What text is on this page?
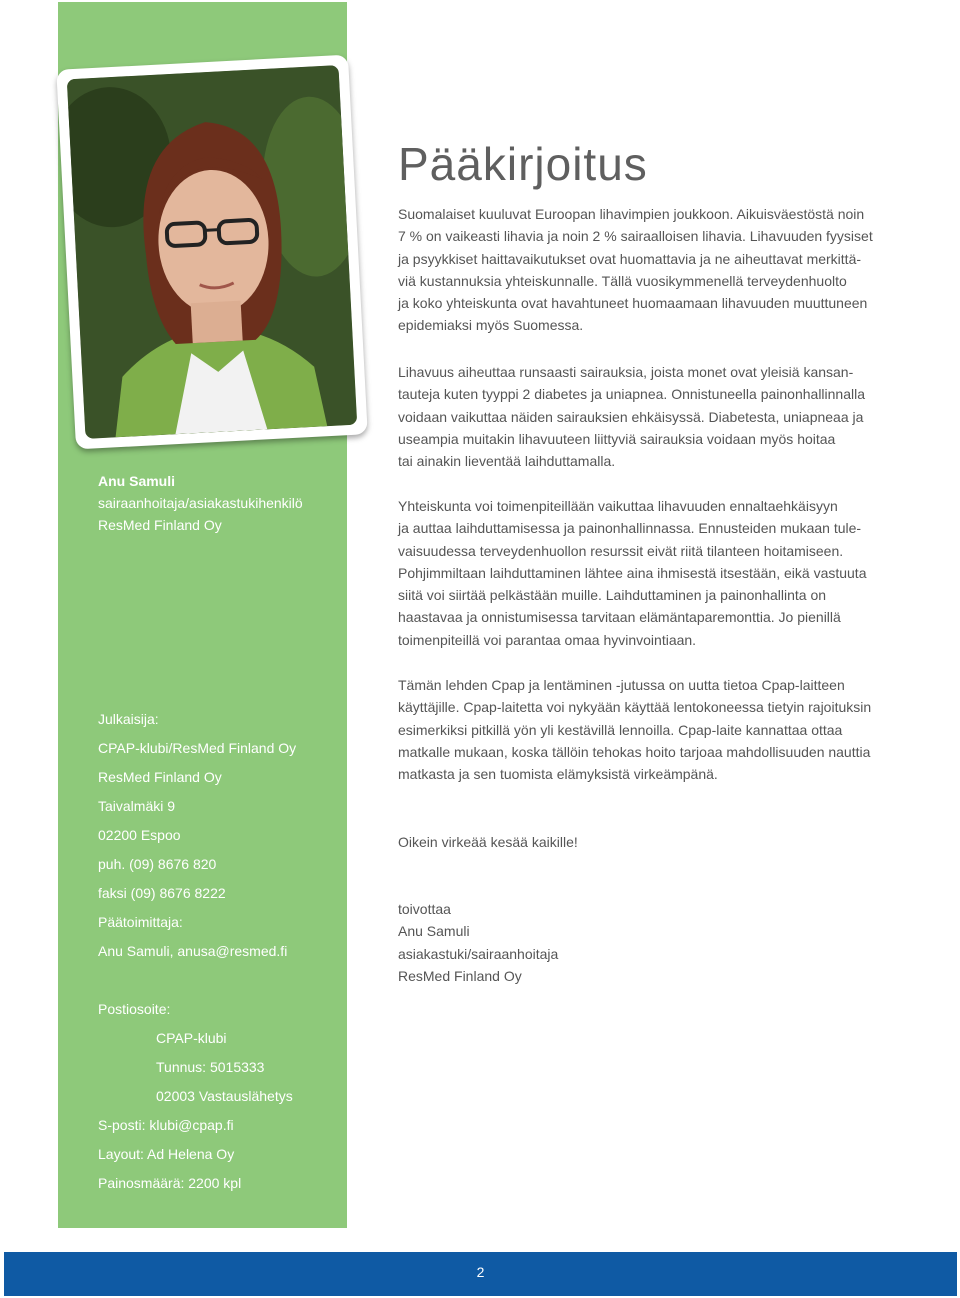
Anu Samuli
sairaanhoitaja/asiakastukihenkilö
ResMed Finland Oy
Julkaisija:
CPAP-klubi/ResMed Finland Oy
ResMed Finland Oy
Taivalmäki 9
02200 Espoo
puh. (09) 8676 820
faksi (09) 8676 8222
Päätoimittaja:
Anu Samuli, anusa@resmed.fi
Postiosoite:
CPAP-klubi
Tunnus: 5015333
02003 Vastauslähetys
S-posti: klubi@cpap.fi
Layout: Ad Helena Oy
Painosmäärä: 2200 kpl
Pääkirjoitus
Suomalaiset kuuluvat Euroopan lihavimpien joukkoon. Aikuisväestöstä noin
7 % on vaikeasti lihavia ja noin 2 % sairaalloisen lihavia. Lihavuuden fyysiset
ja psyykkiset haittavaikutukset ovat huomattavia ja ne aiheuttavat merkittä-
viä kustannuksia yhteiskunnalle. Tällä vuosikymmenellä terveydenhuolto
ja koko yhteiskunta ovat havahtuneet huomaamaan lihavuuden muuttuneen
epidemiaksi myös Suomessa.
Lihavuus aiheuttaa runsaasti sairauksia, joista monet ovat yleisiä kansan-
tauteja kuten tyyppi 2 diabetes ja uniapnea. Onnistuneella painonhallinnalla
voidaan vaikuttaa näiden sairauksien ehkäisyssä. Diabetesta, uniapneaa ja
useampia muitakin lihavuuteen liittyviä sairauksia voidaan myös hoitaa
tai ainakin lieventää laihduttamalla.
Yhteiskunta voi toimenpiteillään vaikuttaa lihavuuden ennaltaehkäisyyn
ja auttaa laihduttamisessa ja painonhallinnassa. Ennusteiden mukaan tule-
vaisuudessa terveydenhuollon resurssit eivät riitä tilanteen hoitamiseen.
Pohjimmiltaan laihduttaminen lähtee aina ihmisestä itsestään, eikä vastuuta
siitä voi siirtää pelkästään muille. Laihduttaminen ja painonhallinta on
haastavaa ja onnistumisessa tarvitaan elämäntaparemonttia. Jo pienillä
toimenpiteillä voi parantaa omaa hyvinvointiaan.
Tämän lehden Cpap ja lentäminen -jutussa on uutta tietoa Cpap-laitteen
käyttäjille. Cpap-laitetta voi nykyään käyttää lentokoneessa tietyin rajoituksin
esimerkiksi pitkillä yön yli kestävillä lennoilla. Cpap-laite kannattaa ottaa
matkalle mukaan, koska tällöin tehokas hoito tarjoaa mahdollisuuden nauttia
matkasta ja sen tuomista elämyksistä virkeämpänä.
Oikein virkeää kesää kaikille!
toivottaa
Anu Samuli
asiakastuki/sairaanhoitaja
ResMed Finland Oy
2
